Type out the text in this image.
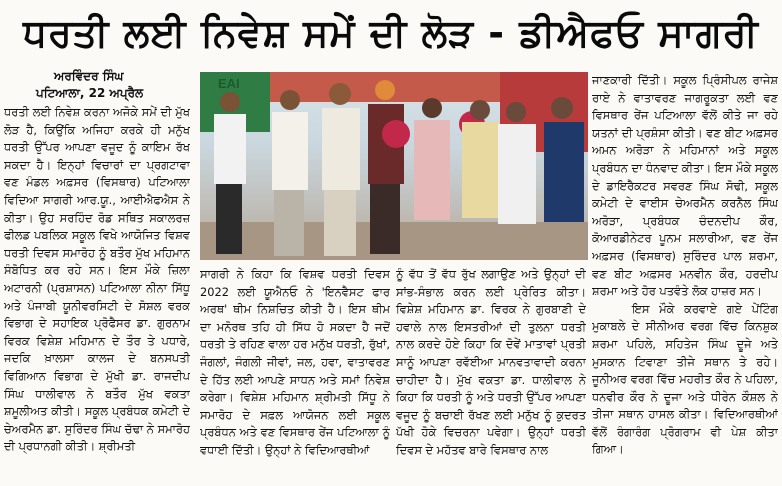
ਧਰਤੀ ਲਈ ਨਿਵੇਸ਼ ਸਮੇਂ ਦੀ ਲੋੜ - ਡੀਐਫਓ ਸਾਗਰੀ
ਅਰਵਿੰਦਰ ਸਿੰਘ
ਪਟਿਆਲਾ, 22 ਅਪ੍ਰੈਲ

ਧਰਤੀ ਲਈ ਨਿਵੇਸ਼ ਕਰਨਾ ਅਜੋਕੇ ਸਮੇਂ ਦੀ ਮੁੱਖ ਲੋੜ ਹੈ, ਕਿਉਂਕਿ ਅਜਿਹਾ ਕਰਕੇ ਹੀ ਮਨੁੱਖ ਧਰਤੀ ਉੱਪਰ ਆਪਣਾ ਵਜੂਦ ਨੂੰ ਕਾਇਮ ਰੱਖ ਸਕਦਾ ਹੈ। ਇਨ੍ਹਾਂ ਵਿਚਾਰਾਂ ਦਾ ਪ੍ਰਗਟਾਵਾ ਵਣ ਮੰਡਲ ਅਫ਼ਸਰ (ਵਿਸਥਾਰ) ਪਟਿਆਲਾ ਵਿਦਿਆ ਸਾਗਰੀ ਆਰ.ਯੂ., ਆਈਐਫਐਸ ਨੇ ਕੀਤਾ। ਉਹ ਸਰਹਿੰਦ ਰੋਡ ਸਥਿਤ ਸਕਾਲਰਜ਼ ਫੀਲਡ ਪਬਲਿਕ ਸਕੂਲ ਵਿਖੇ ਆਯੋਜਿਤ ਵਿਸ਼ਵ ਧਰਤੀ ਦਿਵਸ ਸਮਾਰੋਹ ਨੂੰ ਬਤੌਰ ਮੁੱਖ ਮਹਿਮਾਨ ਸੰਬੋਧਿਤ ਕਰ ਰਹੇ ਸਨ। ਇਸ ਮੌਕੇ ਜ਼ਿਲਾ ਅਟਾਰਨੀ (ਪ੍ਰਸ਼ਾਸਨ) ਪਟਿਆਲਾ ਨੀਨਾ ਸਿੱਧੂ ਅਤੇ ਪੰਜਾਬੀ ਯੂਨੀਵਰਸਿਟੀ ਦੇ ਸੋਸ਼ਲ ਵਰਕ ਵਿਭਾਗ ਦੇ ਸਹਾਇਕ ਪ੍ਰੋਫੈਸਰ ਡਾ. ਗੁਰਨਾਮ ਵਿਰਕ ਵਿਸ਼ੇਸ਼ ਮਹਿਮਾਨ ਦੇ ਤੌਰ ਤੇ ਪਧਾਰੇ, ਜਦਕਿ ਖ਼ਾਲਸਾ ਕਾਲਜ ਦੇ ਬਨਸਪਤੀ ਵਿਗਿਆਨ ਵਿਭਾਗ ਦੇ ਮੁੱਖੀ ਡਾ. ਰਾਜਦੀਪ ਸਿੰਘ ਧਾਲੀਵਾਲ ਨੇ ਬਤੌਰ ਮੁੱਖ ਵਕਤਾ ਸ਼ਮੂਲੀਅਤ ਕੀਤੀ। ਸਕੂਲ ਪ੍ਰਬੰਧਕ ਕਮੇਟੀ ਦੇ ਚੇਅਰਮੈਨ ਡਾ. ਸੁਰਿੰਦਰ ਸਿੰਘ ਚੱਢਾ ਨੇ ਸਮਾਰੋਹ ਦੀ ਪ੍ਰਧਾਨਗੀ ਕੀਤੀ। ਸ਼੍ਰੀਮਤੀ

EAI

ਸਾਗਰੀ ਨੇ ਕਿਹਾ ਕਿ ਵਿਸ਼ਵ ਧਰਤੀ ਦਿਵਸ 2022 ਲਈ ਯੂਐਨਓ ਨੇ 'ਇਨਵੈਸਟ ਫਾਰ ਅਰਥ' ਥੀਮ ਨਿਸ਼ਚਿਤ ਕੀਤੀ ਹੈ। ਇਸ ਥੀਮ ਦਾ ਮਨੋਰਥ ਤਹਿ ਹੀ ਸਿੱਧ ਹੋ ਸਕਦਾ ਹੈ ਜਦੋਂ ਧਰਤੀ ਤੇ ਰਹਿਣ ਵਾਲਾ ਹਰ ਮਨੁੱਖ ਧਰਤੀ, ਰੁੱਖਾਂ, ਜੰਗਲਾਂ, ਜੰਗਲੀ ਜੀਵਾਂ, ਜਲ, ਹਵਾ, ਵਾਤਾਵਰਣ ਦੇ ਹਿੱਤ ਲਈ ਆਪਣੇ ਸਾਧਨ ਅਤੇ ਸਮਾਂ ਨਿਵੇਸ਼ ਕਰੇਗਾ। ਵਿਸ਼ੇਸ਼ ਮਹਿਮਾਨ ਸ਼੍ਰੀਮਤੀ ਸਿੱਧੂ ਨੇ ਸਮਾਰੋਹ ਦੇ ਸਫ਼ਲ ਆਯੋਜਨ ਲਈ ਸਕੂਲ ਪ੍ਰਬੰਧਨ ਅਤੇ ਵਣ ਵਿਸਥਾਰ ਰੇਂਜ ਪਟਿਆਲਾ ਨੂੰ ਵਧਾਈ ਦਿੱਤੀ। ਉਨ੍ਹਾਂ ਨੇ ਵਿਦਿਆਰਥੀਆਂ

ਨੂੰ ਵੱਧ ਤੋਂ ਵੱਧ ਰੁੱਖ ਲਗਾਉਣ ਅਤੇ ਉਨ੍ਹਾਂ ਦੀ ਸਾਂਭ-ਸੰਭਾਲ ਕਰਨ ਲਈ ਪ੍ਰੇਰਿਤ ਕੀਤਾ। ਵਿਸ਼ੇਸ਼ ਮਹਿਮਾਨ ਡਾ. ਵਿਰਕ ਨੇ ਗੁਰਬਾਣੀ ਦੇ ਹਵਾਲੇ ਨਾਲ ਇਸਤਰੀਆਂ ਦੀ ਤੁਲਨਾ ਧਰਤੀ ਨਾਲ ਕਰਦੇ ਹੋਏ ਕਿਹਾ ਕਿ ਦੋਵੇਂ ਮਾਤਾਵਾਂ ਪ੍ਰਤੀ ਸਾਨੂੰ ਆਪਣਾ ਰਵੱਈਆ ਮਾਨਵਤਾਵਾਦੀ ਕਰਨਾ ਚਾਹੀਦਾ ਹੈ। ਮੁੱਖ ਵਕਤਾ ਡਾ. ਧਾਲੀਵਾਲ ਨੇ ਕਿਹਾ ਕਿ ਧਰਤੀ ਨੂੰ ਅਤੇ ਧਰਤੀ ਉੱਪਰ ਆਪਣਾ ਵਜੂਦ ਨੂੰ ਬਚਾਈ ਰੱਖਣ ਲਈ ਮਨੁੱਖ ਨੂੰ ਕੁਦਰਤ ਪੱਖੀ ਹੋਕੇ ਵਿਚਰਨਾ ਪਵੇਗਾ। ਉਨ੍ਹਾਂ ਧਰਤੀ ਦਿਵਸ ਦੇ ਮਹੱਤਵ ਬਾਰੇ ਵਿਸਥਾਰ ਨਾਲ

ਜਾਣਕਾਰੀ ਦਿੱਤੀ। ਸਕੂਲ ਪ੍ਰਿੰਸੀਪਲ ਰਾਜੇਸ਼ ਰਾਏ ਨੇ ਵਾਤਾਵਰਣ ਜਾਗਰੂਕਤਾ ਲਈ ਵਣ ਵਿਸਥਾਰ ਰੇਂਜ ਪਟਿਆਲਾ ਵੱਲੋਂ ਕੀਤੇ ਜਾ ਰਹੇ ਯਤਨਾਂ ਦੀ ਪ੍ਰਸ਼ੰਸਾ ਕੀਤੀ। ਵਣ ਬੀਟ ਅਫ਼ਸਰ ਅਮਨ ਅਰੋੜਾ ਨੇ ਮਹਿਮਾਨਾਂ ਅਤੇ ਸਕੂਲ ਪ੍ਰਬੰਧਨ ਦਾ ਧੰਨਵਾਦ ਕੀਤਾ। ਇਸ ਮੌਕੇ ਸਕੂਲ ਦੇ ਡਾਇਰੈਕਟਰ ਸਵਰਣ ਸਿੰਘ ਸੋਢੀ, ਸਕੂਲ ਕਮੇਟੀ ਦੇ ਵਾਈਸ ਚੇਅਰਮੈਨ ਕਰਨੈਲ ਸਿੰਘ ਅਰੋੜਾ, ਪ੍ਰਬੰਧਕ ਚੰਦਨਦੀਪ ਕੌਰ, ਕੋਆਰਡੀਨੇਟਰ ਪੂਨਮ ਸਲਾਰੀਆ, ਵਣ ਰੇਂਜ ਅਫ਼ਸਰ (ਵਿਸਥਾਰ) ਸੁਰਿੰਦਰ ਪਾਲ ਸ਼ਰਮਾ, ਵਣ ਬੀਟ ਅਫ਼ਸਰ ਮਨਵੀਨ ਕੌਰ, ਹਰਦੀਪ ਸ਼ਰਮਾ ਅਤੇ ਹੋਰ ਪਤਵੰਤੇ ਲੋਕ ਹਾਜ਼ਰ ਸਨ।

ਇਸ ਮੌਕੇ ਕਰਵਾਏ ਗਏ ਪੇਂਟਿੰਗ ਮੁਕਾਬਲੇ ਦੇ ਸੀਨੀਅਰ ਵਰਗ ਵਿੱਚ ਕਿਨਸ਼ੁਕ ਸ਼ਰਮਾ ਪਹਿਲੇ, ਸਹਿਤੇਜ ਸਿੰਘ ਦੂਜੇ ਅਤੇ ਮੁਸਕਾਨ ਟਿਵਾਣਾ ਤੀਜੇ ਸਥਾਨ ਤੇ ਰਹੇ। ਜੂਨੀਅਰ ਵਰਗ ਵਿੱਚ ਮਹਰੀਤ ਕੌਰ ਨੇ ਪਹਿਲਾ, ਧਨਵੀਰ ਕੌਰ ਨੇ ਦੂਜਾ ਅਤੇ ਧੀਰੇਨ ਕੌਸ਼ਲ ਨੇ ਤੀਜਾ ਸਥਾਨ ਹਾਸਲ ਕੀਤਾ। ਵਿਦਿਆਰਥੀਆਂ ਵੱਲੋਂ ਰੰਗਾਰੰਗ ਪ੍ਰੋਗਰਾਮ ਵੀ ਪੇਸ਼ ਕੀਤਾ ਗਿਆ।
